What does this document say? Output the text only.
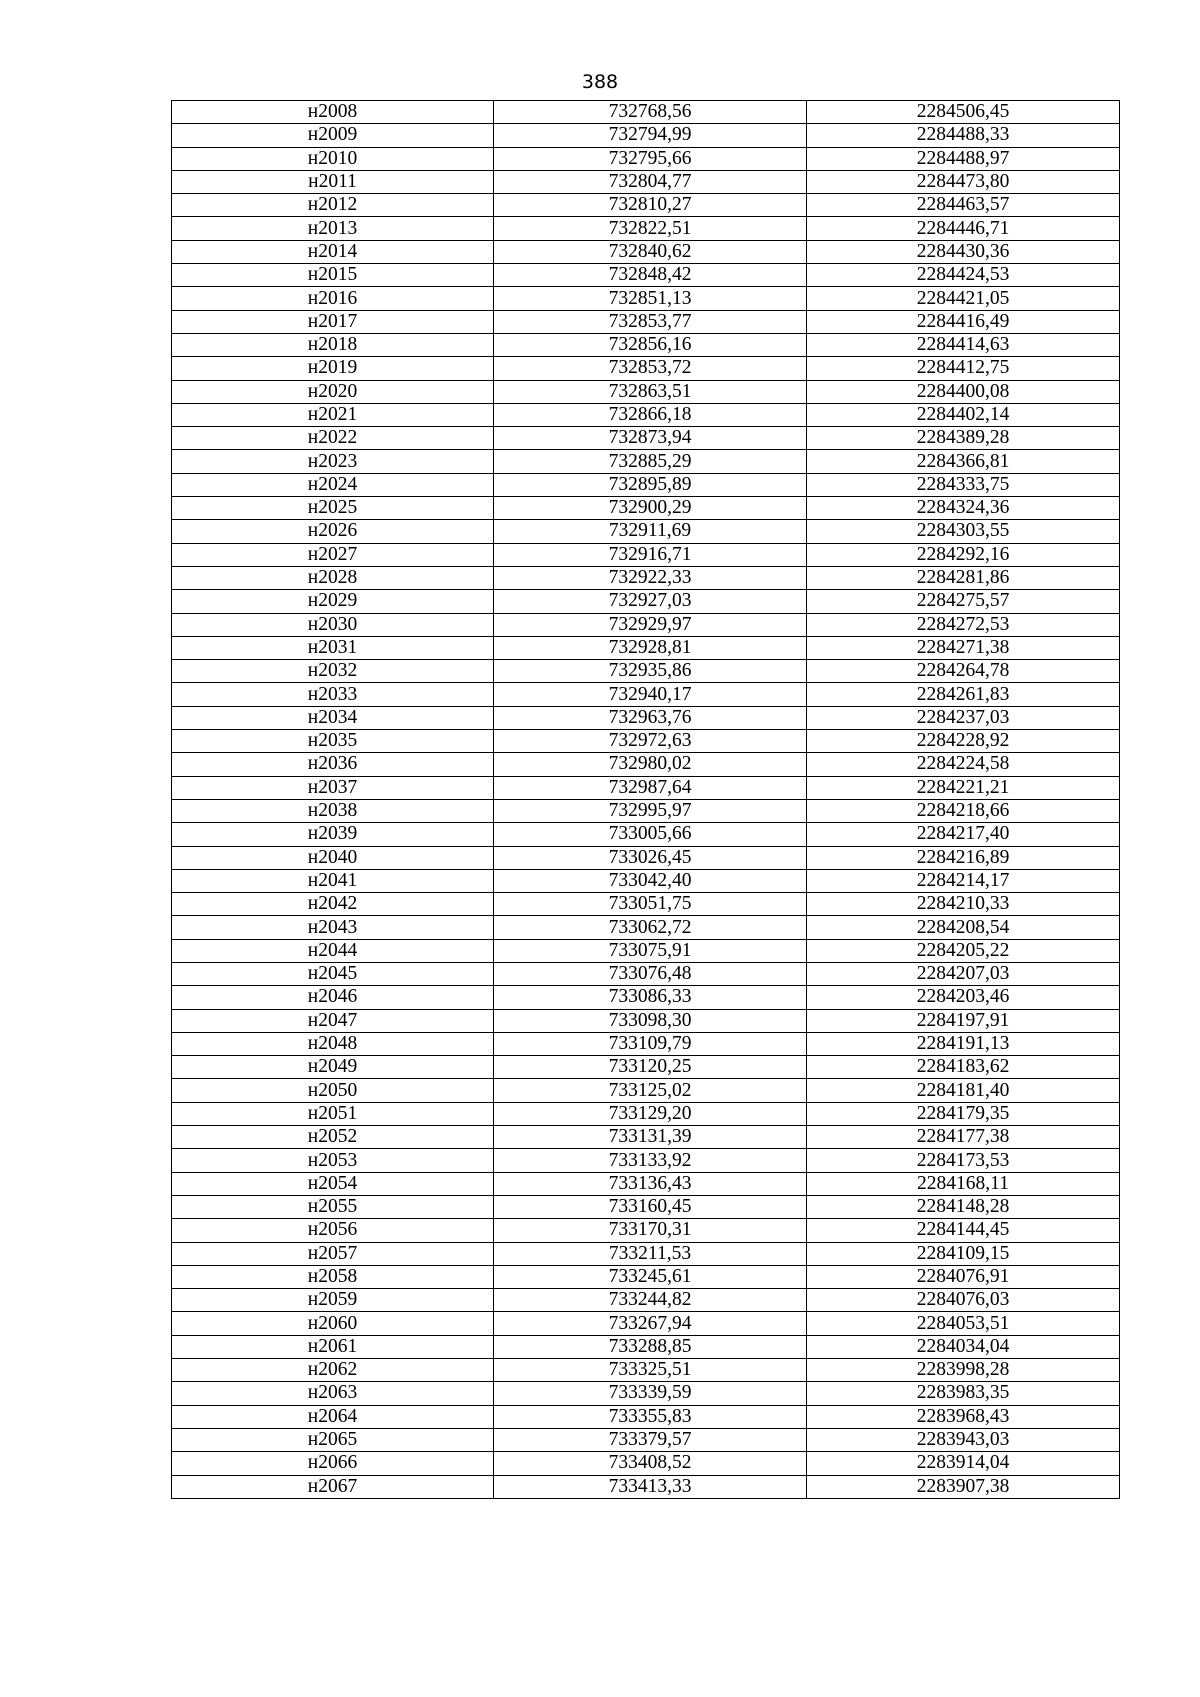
388
н2008	732768,56	2284506,45
н2009	732794,99	2284488,33
н2010	732795,66	2284488,97
н2011	732804,77	2284473,80
н2012	732810,27	2284463,57
н2013	732822,51	2284446,71
н2014	732840,62	2284430,36
н2015	732848,42	2284424,53
н2016	732851,13	2284421,05
н2017	732853,77	2284416,49
н2018	732856,16	2284414,63
н2019	732853,72	2284412,75
н2020	732863,51	2284400,08
н2021	732866,18	2284402,14
н2022	732873,94	2284389,28
н2023	732885,29	2284366,81
н2024	732895,89	2284333,75
н2025	732900,29	2284324,36
н2026	732911,69	2284303,55
н2027	732916,71	2284292,16
н2028	732922,33	2284281,86
н2029	732927,03	2284275,57
н2030	732929,97	2284272,53
н2031	732928,81	2284271,38
н2032	732935,86	2284264,78
н2033	732940,17	2284261,83
н2034	732963,76	2284237,03
н2035	732972,63	2284228,92
н2036	732980,02	2284224,58
н2037	732987,64	2284221,21
н2038	732995,97	2284218,66
н2039	733005,66	2284217,40
н2040	733026,45	2284216,89
н2041	733042,40	2284214,17
н2042	733051,75	2284210,33
н2043	733062,72	2284208,54
н2044	733075,91	2284205,22
н2045	733076,48	2284207,03
н2046	733086,33	2284203,46
н2047	733098,30	2284197,91
н2048	733109,79	2284191,13
н2049	733120,25	2284183,62
н2050	733125,02	2284181,40
н2051	733129,20	2284179,35
н2052	733131,39	2284177,38
н2053	733133,92	2284173,53
н2054	733136,43	2284168,11
н2055	733160,45	2284148,28
н2056	733170,31	2284144,45
н2057	733211,53	2284109,15
н2058	733245,61	2284076,91
н2059	733244,82	2284076,03
н2060	733267,94	2284053,51
н2061	733288,85	2284034,04
н2062	733325,51	2283998,28
н2063	733339,59	2283983,35
н2064	733355,83	2283968,43
н2065	733379,57	2283943,03
н2066	733408,52	2283914,04
н2067	733413,33	2283907,38
